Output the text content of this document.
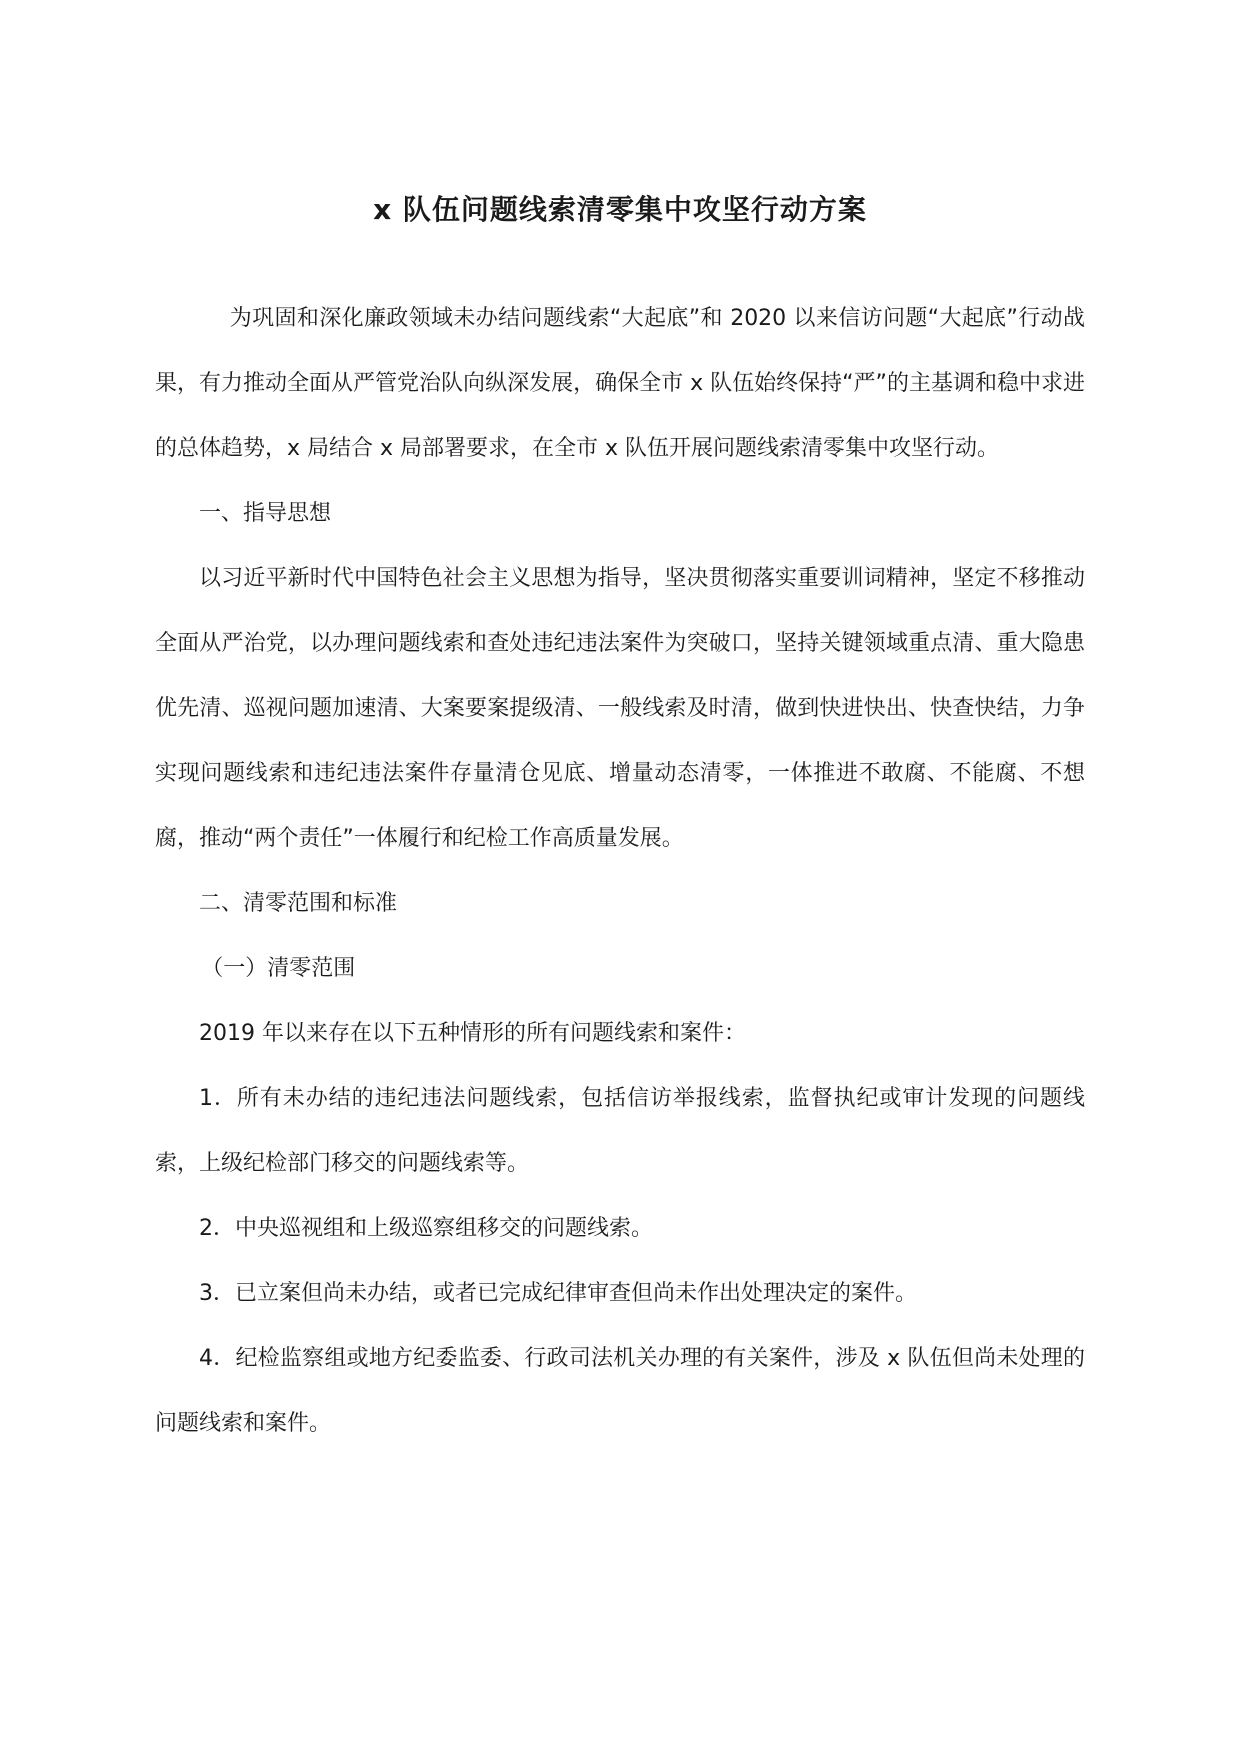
x 队伍问题线索清零集中攻坚行动方案

为巩固和深化廉政领域未办结问题线索“大起底”和 2020 以来信访问题“大起底”行动战果，有力推动全面从严管党治队向纵深发展，确保全市 x 队伍始终保持“严”的主基调和稳中求进的总体趋势，x 局结合 x 局部署要求，在全市 x 队伍开展问题线索清零集中攻坚行动。

一、指导思想

以习近平新时代中国特色社会主义思想为指导，坚决贯彻落实重要训词精神，坚定不移推动全面从严治党，以办理问题线索和查处违纪违法案件为突破口，坚持关键领域重点清、重大隐患优先清、巡视问题加速清、大案要案提级清、一般线索及时清，做到快进快出、快查快结，力争实现问题线索和违纪违法案件存量清仓见底、增量动态清零，一体推进不敢腐、不能腐、不想腐，推动“两个责任”一体履行和纪检工作高质量发展。

二、清零范围和标准

（一）清零范围

2019 年以来存在以下五种情形的所有问题线索和案件：

1．所有未办结的违纪违法问题线索，包括信访举报线索，监督执纪或审计发现的问题线索，上级纪检部门移交的问题线索等。

2．中央巡视组和上级巡察组移交的问题线索。

3．已立案但尚未办结，或者已完成纪律审查但尚未作出处理决定的案件。

4．纪检监察组或地方纪委监委、行政司法机关办理的有关案件，涉及 x 队伍但尚未处理的问题线索和案件。
